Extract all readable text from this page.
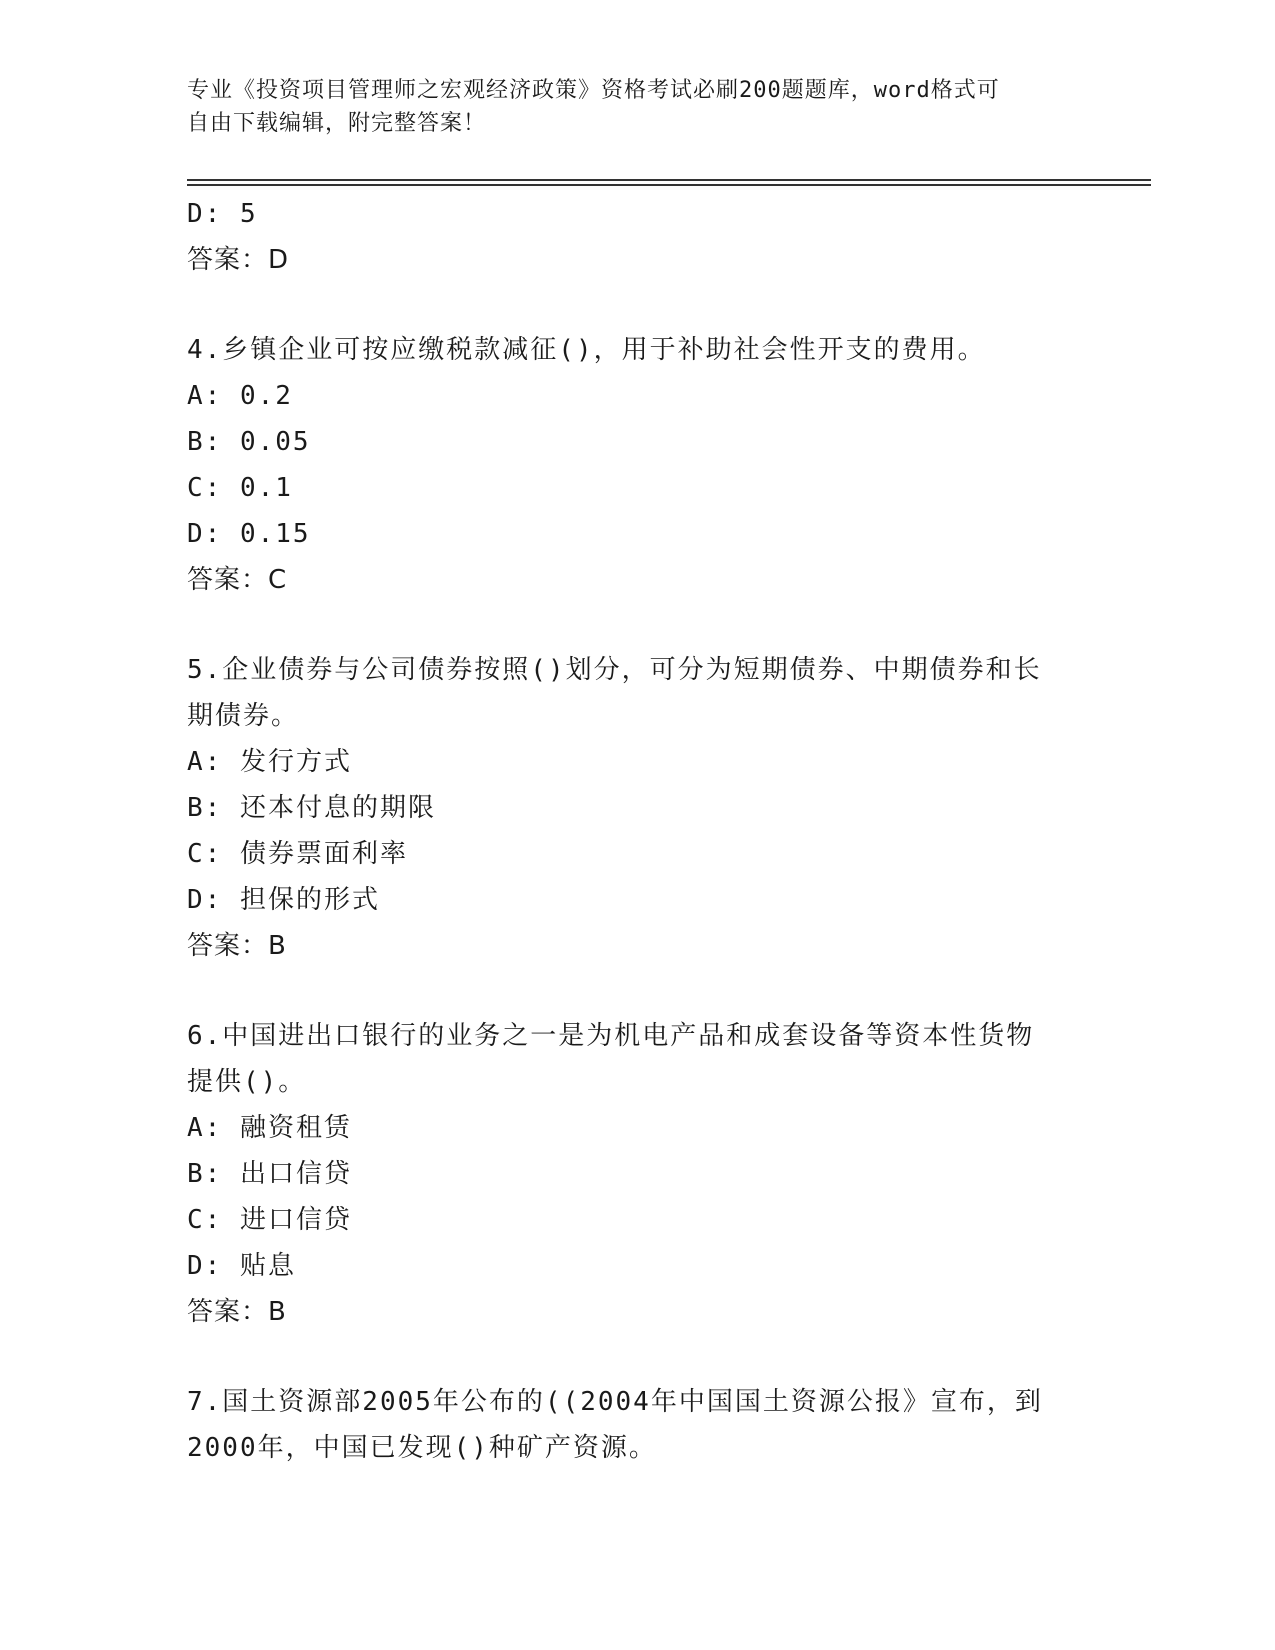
专业《投资项目管理师之宏观经济政策》资格考试必刷200题题库，word格式可
自由下载编辑，附完整答案！
D: 5
答案：D
4.乡镇企业可按应缴税款减征()，用于补助社会性开支的费用。
A: 0.2
B: 0.05
C: 0.1
D: 0.15
答案：C
5.企业债券与公司债券按照()划分，可分为短期债券、中期债券和长
期债券。
A: 发行方式
B: 还本付息的期限
C: 债券票面利率
D: 担保的形式
答案：B
6.中国进出口银行的业务之一是为机电产品和成套设备等资本性货物
提供()。
A: 融资租赁
B: 出口信贷
C: 进口信贷
D: 贴息
答案：B
7.国土资源部2005年公布的((2004年中国国土资源公报》宣布，到
2000年，中国已发现()种矿产资源。
